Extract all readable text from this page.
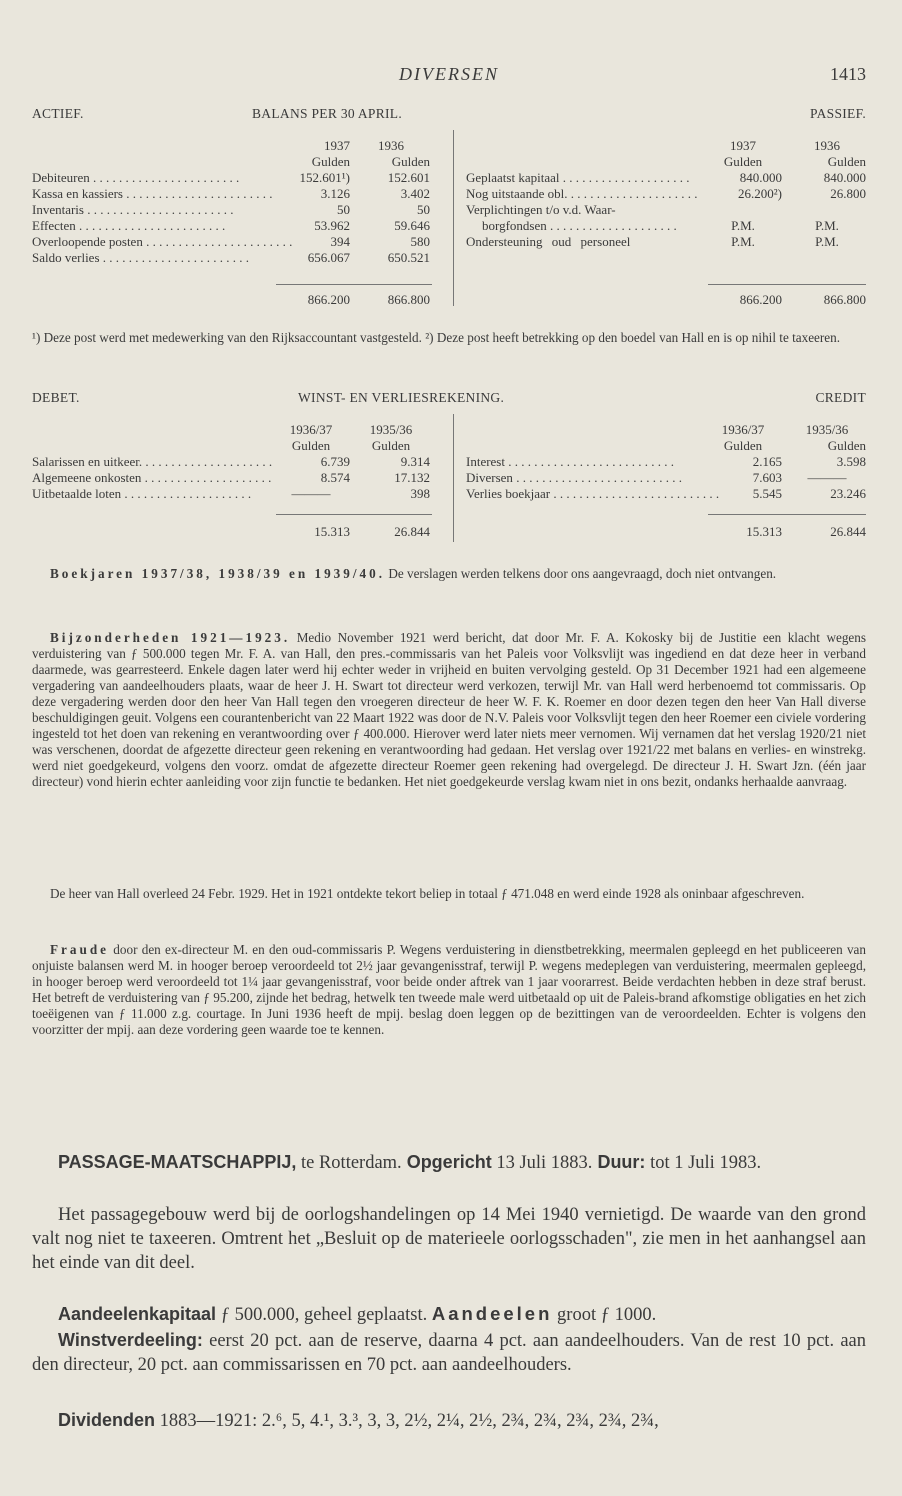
DIVERSEN	1413
ACTIEF.	BALANS PER 30 APRIL.	PASSIEF.
1937	1936
Gulden	Gulden
Debiteuren . . . . . . . . . . . . . . . . . . . . . . .	152.601¹)	152.601
Kassa en kassiers . . . . . . . . . . . . . . . . . . . . . . .	3.126	3.402
Inventaris . . . . . . . . . . . . . . . . . . . . . . .	50	50
Effecten . . . . . . . . . . . . . . . . . . . . . . .	53.962	59.646
Overloopende posten . . . . . . . . . . . . . . . . . . . . . . .	394	580
Saldo verlies . . . . . . . . . . . . . . . . . . . . . . .	656.067	650.521
866.200	866.800
1937	1936
Gulden	Gulden
Geplaatst kapitaal . . . . . . . . . . . . . . . . . . . .	840.000	840.000
Nog uitstaande obl. . . . . . . . . . . . . . . . . . . . .	26.200²)	26.800
Verplichtingen t/o v.d. Waar-
borgfondsen . . . . . . . . . . . . . . . . . . . .	P.M.	P.M.
Ondersteuning oud personeel	P.M.	P.M.
866.200	866.800
¹) Deze post werd met medewerking van den Rijksaccountant vastgesteld. ²) Deze post heeft betrekking op den boedel van Hall en is op nihil te taxeeren.
DEBET.	WINST- EN VERLIESREKENING.	CREDIT
1936/37	1935/36
Gulden	Gulden
Salarissen en uitkeer. . . . . . . . . . . . . . . . . . . . .	6.739	9.314
Algemeene onkosten . . . . . . . . . . . . . . . . . . . .	8.574	17.132
Uitbetaalde loten . . . . . . . . . . . . . . . . . . . .	———	398
15.313	26.844
1936/37	1935/36
Gulden	Gulden
Interest . . . . . . . . . . . . . . . . . . . . . . . . . .	2.165	3.598
Diversen . . . . . . . . . . . . . . . . . . . . . . . . . .	7.603	———
Verlies boekjaar . . . . . . . . . . . . . . . . . . . . . . . . . .	5.545	23.246
15.313	26.844
Boekjaren 1937/38, 1938/39 en 1939/40. De verslagen werden telkens door ons aangevraagd, doch niet ontvangen.
Bijzonderheden 1921—1923. Medio November 1921 werd bericht, dat door Mr. F. A. Kokosky bij de Justitie een klacht wegens verduistering van ƒ 500.000 tegen Mr. F. A. van Hall, den pres.-commissaris van het Paleis voor Volksvlijt was ingediend en dat deze heer in verband daarmede, was gearresteerd. Enkele dagen later werd hij echter weder in vrijheid en buiten vervolging gesteld. Op 31 December 1921 had een algemeene vergadering van aandeelhouders plaats, waar de heer J. H. Swart tot directeur werd verkozen, terwijl Mr. van Hall werd herbenoemd tot commissaris. Op deze vergadering werden door den heer Van Hall tegen den vroegeren directeur de heer W. F. K. Roemer en door dezen tegen den heer Van Hall diverse beschuldigingen geuit. Volgens een courantenbericht van 22 Maart 1922 was door de N.V. Paleis voor Volksvlijt tegen den heer Roemer een civiele vordering ingesteld tot het doen van rekening en verantwoording over ƒ 400.000. Hierover werd later niets meer vernomen. Wij vernamen dat het verslag 1920/21 niet was verschenen, doordat de afgezette directeur geen rekening en verantwoording had gedaan. Het verslag over 1921/22 met balans en verlies- en winstrekg. werd niet goedgekeurd, volgens den voorz. omdat de afgezette directeur Roemer geen rekening had overgelegd. De directeur J. H. Swart Jzn. (één jaar directeur) vond hierin echter aanleiding voor zijn functie te bedanken. Het niet goedgekeurde verslag kwam niet in ons bezit, ondanks herhaalde aanvraag.
De heer van Hall overleed 24 Febr. 1929. Het in 1921 ontdekte tekort beliep in totaal ƒ 471.048 en werd einde 1928 als oninbaar afgeschreven.
Fraude door den ex-directeur M. en den oud-commissaris P. Wegens verduistering in dienstbetrekking, meermalen gepleegd en het publiceeren van onjuiste balansen werd M. in hooger beroep veroordeeld tot 2½ jaar gevangenisstraf, terwijl P. wegens medeplegen van verduistering, meermalen gepleegd, in hooger beroep werd veroordeeld tot 1¼ jaar gevangenisstraf, voor beide onder aftrek van 1 jaar voorarrest. Beide verdachten hebben in deze straf berust. Het betreft de verduistering van ƒ 95.200, zijnde het bedrag, hetwelk ten tweede male werd uitbetaald op uit de Paleis-brand afkomstige obligaties en het zich toeëigenen van ƒ 11.000 z.g. courtage. In Juni 1936 heeft de mpij. beslag doen leggen op de bezittingen van de veroordeelden. Echter is volgens den voorzitter der mpij. aan deze vordering geen waarde toe te kennen.
PASSAGE-MAATSCHAPPIJ, te Rotterdam. Opgericht 13 Juli 1883. Duur: tot 1 Juli 1983.
Het passagegebouw werd bij de oorlogshandelingen op 14 Mei 1940 vernietigd. De waarde van den grond valt nog niet te taxeeren. Omtrent het „Besluit op de materieele oorlogsschaden", zie men in het aanhangsel aan het einde van dit deel.
Aandeelenkapitaal ƒ 500.000, geheel geplaatst. Aandeelen groot ƒ 1000.
Winstverdeeling: eerst 20 pct. aan de reserve, daarna 4 pct. aan aandeelhouders. Van de rest 10 pct. aan den directeur, 20 pct. aan commissarissen en 70 pct. aan aandeelhouders.
Dividenden 1883—1921: 2.⁶, 5, 4.¹, 3.³, 3, 3, 2½, 2¼, 2½, 2¾, 2¾, 2¾, 2¾, 2¾,
